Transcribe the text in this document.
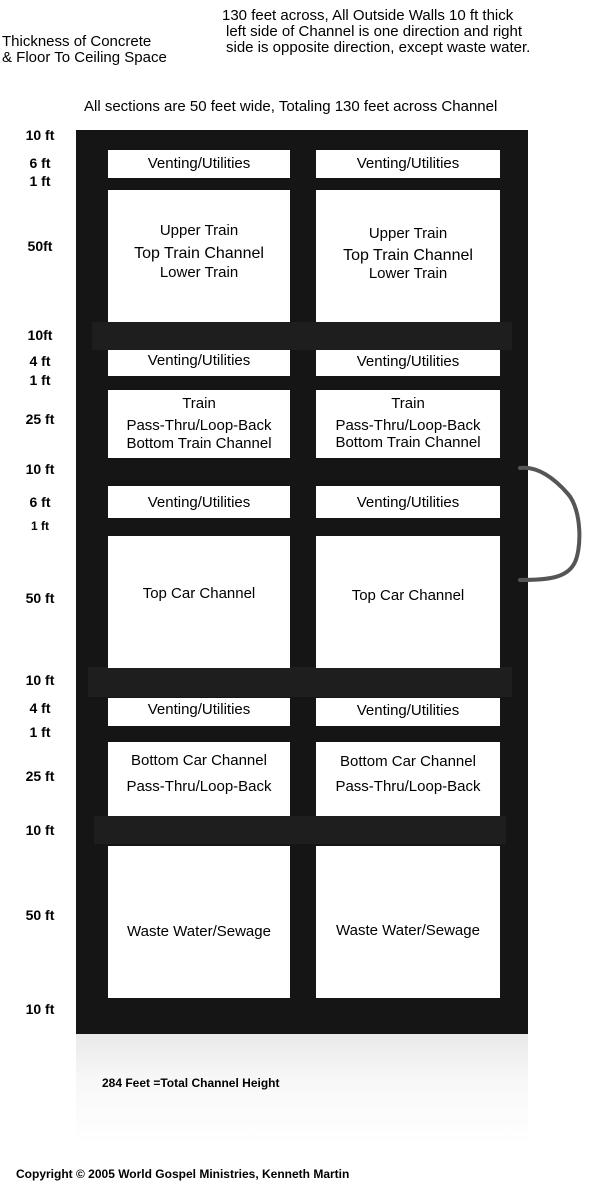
Thickness of Concrete
& Floor To Ceiling Space
130 feet across, All Outside Walls 10 ft thick
left side of Channel is one direction and right
side is opposite direction, except waste water.
All sections are 50 feet wide, Totaling 130 feet across Channel
10 ft
6 ft
1 ft
50ft
10ft
4 ft
1 ft
25 ft
10 ft
6 ft
1 ft
50 ft
10 ft
4 ft
1 ft
25 ft
10 ft
50 ft
10 ft
Venting/Utilities	Venting/Utilities
Upper Train
Top Train Channel
Lower Train
Upper Train
Top Train Channel
Lower Train
Venting/Utilities	Venting/Utilities
Train
Pass-Thru/Loop-Back
Bottom Train Channel
Train
Pass-Thru/Loop-Back
Bottom Train Channel
Venting/Utilities	Venting/Utilities
Top Car Channel	Top Car Channel
Venting/Utilities	Venting/Utilities
Bottom Car Channel
Pass-Thru/Loop-Back
Bottom Car Channel
Pass-Thru/Loop-Back
Waste Water/Sewage	Waste Water/Sewage
284 Feet =Total Channel Height
Copyright © 2005 World Gospel Ministries, Kenneth Martin
